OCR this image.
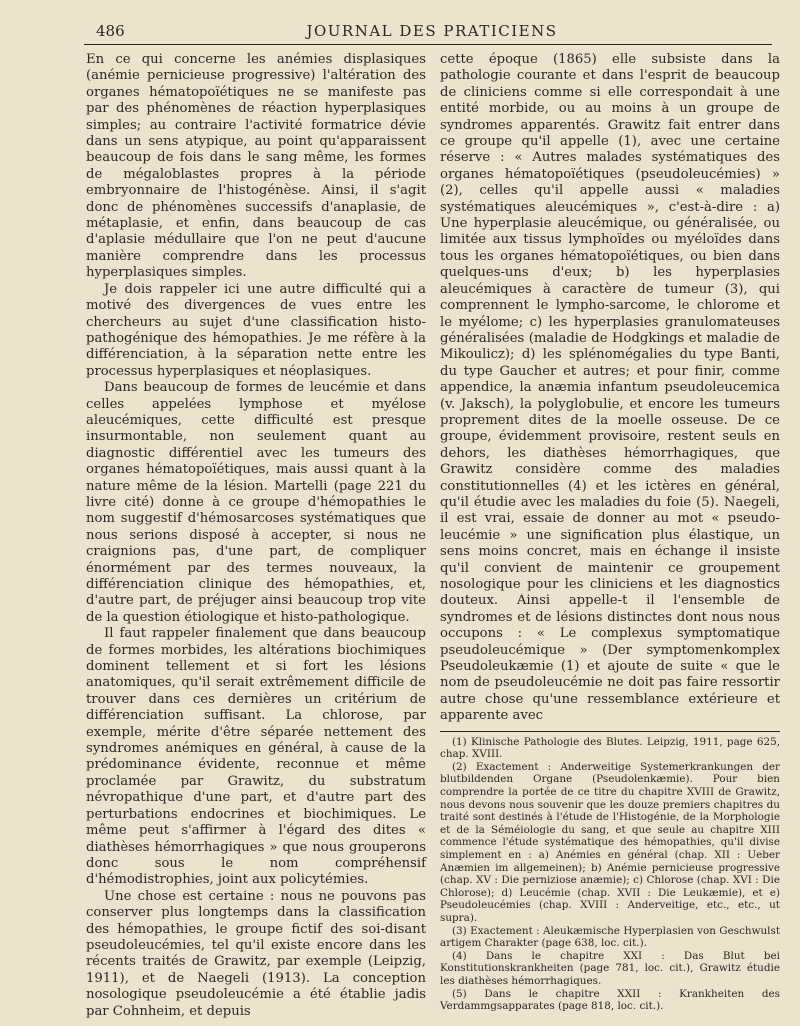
486	JOURNAL DES PRATICIENS

En ce qui concerne les anémies displasiques (anémie pernicieuse progressive) l'altération des organes hématopoïétiques ne se manifeste pas par des phénomènes de réaction hyperplasiques simples; au contraire l'activité formatrice dévie dans un sens atypique, au point qu'apparaissent beaucoup de fois dans le sang même, les formes de mégaloblastes propres à la période embryonnaire de l'histogénèse. Ainsi, il s'agit donc de phénomènes successifs d'anaplasie, de métaplasie, et enfin, dans beaucoup de cas d'aplasie médullaire que l'on ne peut d'aucune manière comprendre dans les processus hyperplasiques simples.

Je dois rappeler ici une autre difficulté qui a motivé des divergences de vues entre les chercheurs au sujet d'une classification histo-pathogénique des hémopathies. Je me réfère à la différenciation, à la séparation nette entre les processus hyperplasiques et néoplasiques.

Dans beaucoup de formes de leucémie et dans celles appelées lymphose et myélose aleucémiques, cette difficulté est presque insurmontable, non seulement quant au diagnostic différentiel avec les tumeurs des organes hématopoïétiques, mais aussi quant à la nature même de la lésion. Martelli (page 221 du livre cité) donne à ce groupe d'hémopathies le nom suggestif d'hémosarcoses systématiques que nous serions disposé à accepter, si nous ne craignions pas, d'une part, de compliquer énormément par des termes nouveaux, la différenciation clinique des hémopathies, et, d'autre part, de préjuger ainsi beaucoup trop vite de la question étiologique et histo-pathologique.

Il faut rappeler finalement que dans beaucoup de formes morbides, les altérations biochimiques dominent tellement et si fort les lésions anatomiques, qu'il serait extrêmement difficile de trouver dans ces dernières un critérium de différenciation suffisant. La chlorose, par exemple, mérite d'être séparée nettement des syndromes anémiques en général, à cause de la prédominance évidente, reconnue et même proclamée par Grawitz, du substratum névropathique d'une part, et d'autre part des perturbations endocrines et biochimiques. Le même peut s'affirmer à l'égard des dites « diathèses hémorrhagiques » que nous grouperons donc sous le nom compréhensif d'hémodistrophies, joint aux policytémies.

Une chose est certaine : nous ne pouvons pas conserver plus longtemps dans la classification des hémopathies, le groupe fictif des soi-disant pseudoleucémies, tel qu'il existe encore dans les récents traités de Grawitz, par exemple (Leipzig, 1911), et de Naegeli (1913). La conception nosologique pseudoleucémie a été établie jadis par Cohnheim, et depuis

cette époque (1865) elle subsiste dans la pathologie courante et dans l'esprit de beaucoup de cliniciens comme si elle correspondait à une entité morbide, ou au moins à un groupe de syndromes apparentés. Grawitz fait entrer dans ce groupe qu'il appelle (1), avec une certaine réserve : « Autres malades systématiques des organes hématopoïétiques (pseudoleucémies) » (2), celles qu'il appelle aussi « maladies systématiques aleucémiques », c'est-à-dire : a) Une hyperplasie aleucémique, ou généralisée, ou limitée aux tissus lymphoïdes ou myéloïdes dans tous les organes hématopoïétiques, ou bien dans quelques-uns d'eux; b) les hyperplasies aleucémiques à caractère de tumeur (3), qui comprennent le lympho-sarcome, le chlorome et le myélome; c) les hyperplasies granulomateuses généralisées (maladie de Hodgkings et maladie de Mikoulicz); d) les splénomégalies du type Banti, du type Gaucher et autres; et pour finir, comme appendice, la anæmia infantum pseudoleucemica (v. Jaksch), la polyglobulie, et encore les tumeurs proprement dites de la moelle osseuse. De ce groupe, évidemment provisoire, restent seuls en dehors, les diathèses hémorrhagiques, que Grawitz considère comme des maladies constitutionnelles (4) et les ictères en général, qu'il étudie avec les maladies du foie (5). Naegeli, il est vrai, essaie de donner au mot « pseudo-leucémie » une signification plus élastique, un sens moins concret, mais en échange il insiste qu'il convient de maintenir ce groupement nosologique pour les cliniciens et les diagnostics douteux. Ainsi appelle-t il l'ensemble de syndromes et de lésions distinctes dont nous nous occupons : « Le complexus symptomatique pseudoleucémique » (Der symptomenkomplex Pseudoleukæmie (1) et ajoute de suite « que le nom de pseudoleucémie ne doit pas faire ressortir autre chose qu'une ressemblance extérieure et apparente avec

(1) Klinische Pathologie des Blutes. Leipzig, 1911, page 625, chap. XVIII.

(2) Exactement : Anderweitige Systemerkrankungen der blutbildenden Organe (Pseudolenkæmie). Pour bien comprendre la portée de ce titre du chapitre XVIII de Grawitz, nous devons nous souvenir que les douze premiers chapitres du traité sont destinés à l'étude de l'Histogénie, de la Morphologie et de la Séméiologie du sang, et que seule au chapitre XIII commence l'étude systématique des hémopathies, qu'il divise simplement en : a) Anémies en général (chap. XII : Ueber Anæmien im allgemeinen); b) Anémie pernicieuse progressive (chap. XV : Die perniziose anæmie); c) Chlorose (chap. XVI : Die Chlorose); d) Leucémie (chap. XVII : Die Leukæmie), et e) Pseudoleucémies (chap. XVIII : Anderveitige, etc., etc., ut supra).

(3) Exactement : Aleukæmische Hyperplasien von Geschwulst artigem Charakter (page 638, loc. cit.).

(4) Dans le chapitre XXI : Das Blut bei Konstitutionskrankheiten (page 781, loc. cit.), Grawitz étudie les diathèses hémorrhagiques.

(5) Dans le chapitre XXII : Krankheiten des Verdammgsapparates (page 818, loc. cit.).
